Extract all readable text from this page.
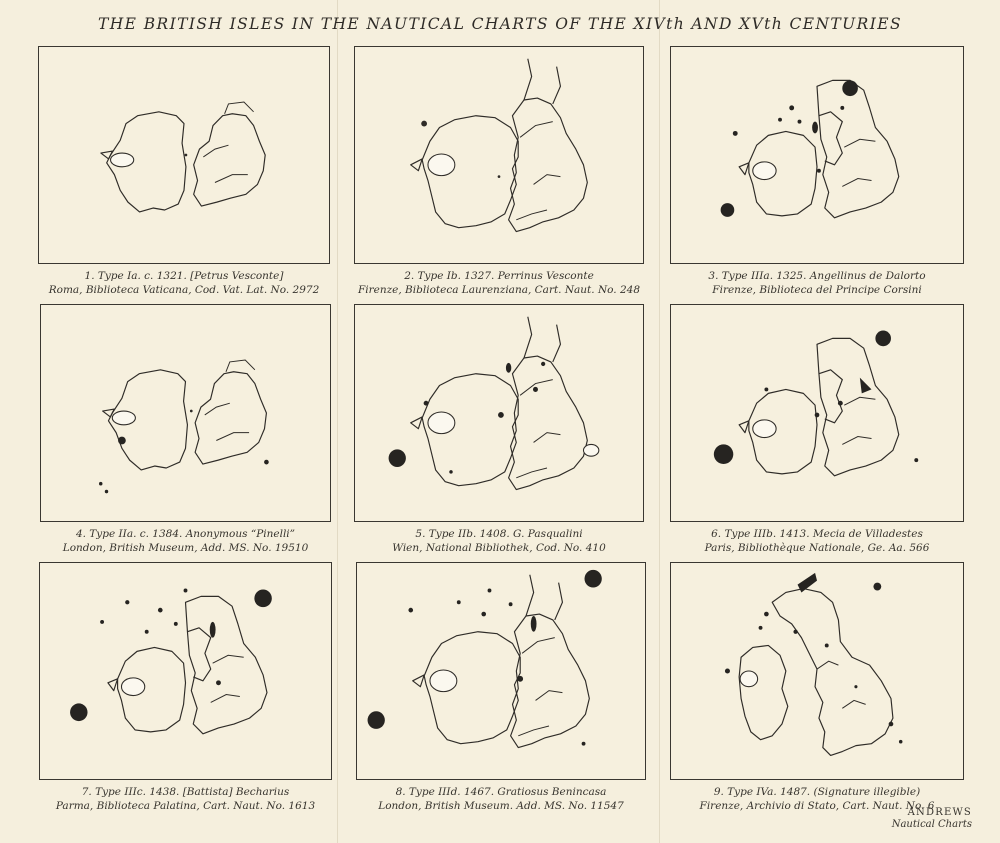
THE BRITISH ISLES IN THE NAUTICAL CHARTS OF THE XIVth AND XVth CENTURIES
1. Type Ia. c. 1321. [Petrus Vesconte]
Roma, Biblioteca Vaticana, Cod. Vat. Lat. No. 2972
2. Type Ib. 1327. Perrinus Vesconte
Firenze, Biblioteca Laurenziana, Cart. Naut. No. 248
3. Type IIIa. 1325. Angellinus de Dalorto
Firenze, Biblioteca del Principe Corsini
4. Type IIa. c. 1384. Anonymous “Pinelli”
London, British Museum, Add. MS. No. 19510
5. Type IIb. 1408. G. Pasqualini
Wien, National Bibliothek, Cod. No. 410
6. Type IIIb. 1413. Mecia de Villadestes
Paris, Bibliothèque Nationale, Ge. Aa. 566
7. Type IIIc. 1438. [Battista] Becharius
Parma, Biblioteca Palatina, Cart. Naut. No. 1613
8. Type IIId. 1467. Gratiosus Benincasa
London, British Museum. Add. MS. No. 11547
9. Type IVa. 1487. (Signature illegible)
Firenze, Archivio di Stato, Cart. Naut. No. 6
ANDREWS
Nautical Charts
